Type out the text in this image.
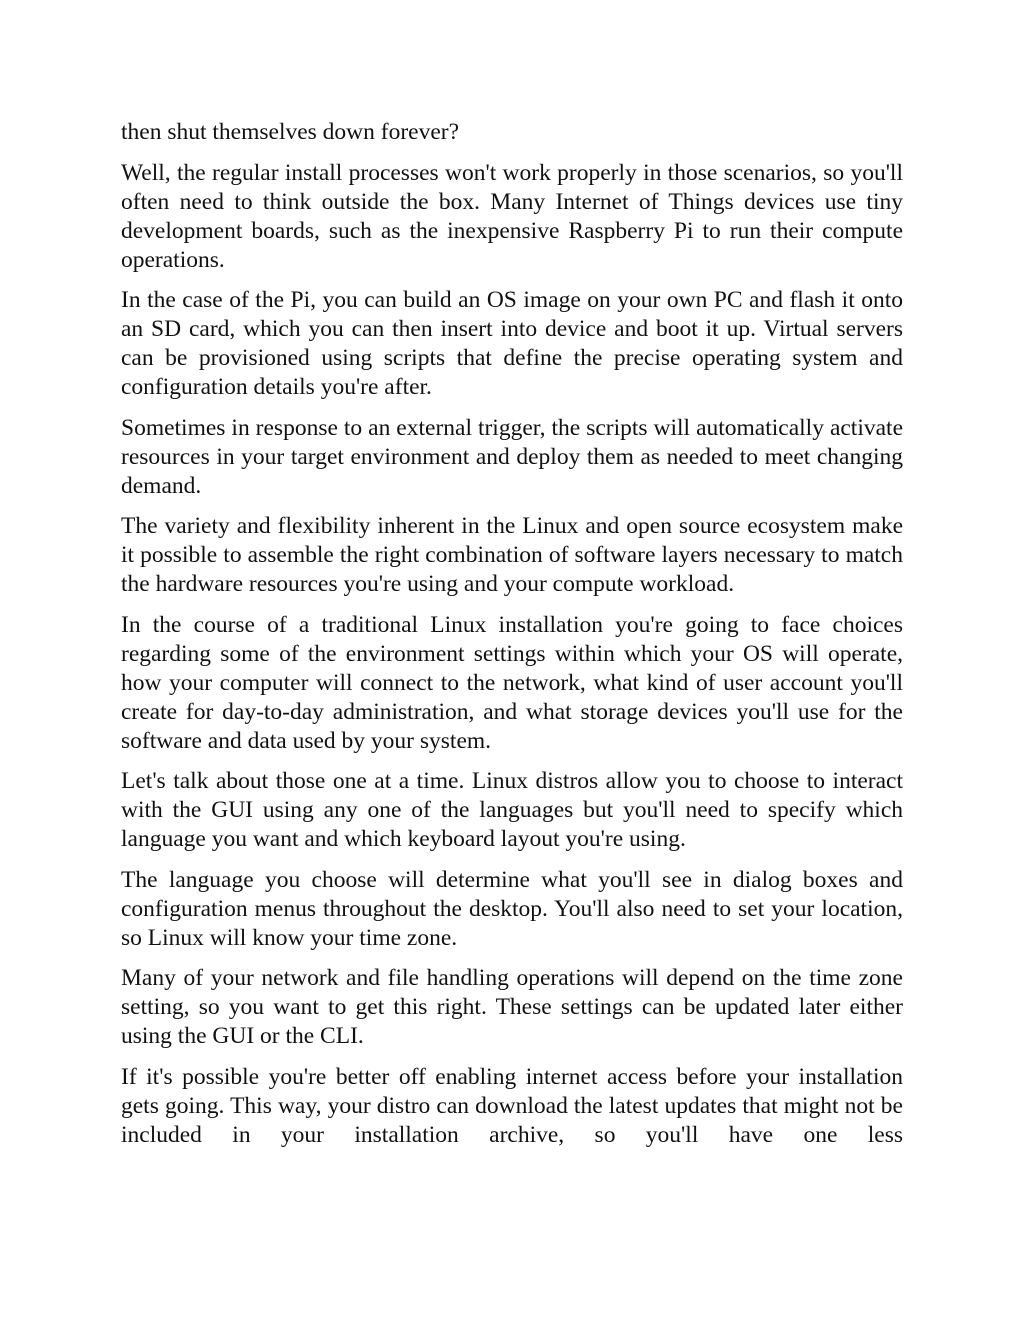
then shut themselves down forever?

Well, the regular install processes won't work properly in those scenarios, so you'll often need to think outside the box. Many Internet of Things devices use tiny development boards, such as the inexpensive Raspberry Pi to run their compute operations.

In the case of the Pi, you can build an OS image on your own PC and flash it onto an SD card, which you can then insert into device and boot it up. Virtual servers can be provisioned using scripts that define the precise operating system and configuration details you're after.

Sometimes in response to an external trigger, the scripts will automatically activate resources in your target environment and deploy them as needed to meet changing demand.

The variety and flexibility inherent in the Linux and open source ecosystem make it possible to assemble the right combination of software layers necessary to match the hardware resources you're using and your compute workload.

In the course of a traditional Linux installation you're going to face choices regarding some of the environment settings within which your OS will operate, how your computer will connect to the network, what kind of user account you'll create for day-to-day administration, and what storage devices you'll use for the software and data used by your system.

Let's talk about those one at a time. Linux distros allow you to choose to interact with the GUI using any one of the languages but you'll need to specify which language you want and which keyboard layout you're using.

The language you choose will determine what you'll see in dialog boxes and configuration menus throughout the desktop. You'll also need to set your location, so Linux will know your time zone.

Many of your network and file handling operations will depend on the time zone setting, so you want to get this right. These settings can be updated later either using the GUI or the CLI.

If it's possible you're better off enabling internet access before your installation gets going. This way, your distro can download the latest updates that might not be included in your installation archive, so you'll have one less
